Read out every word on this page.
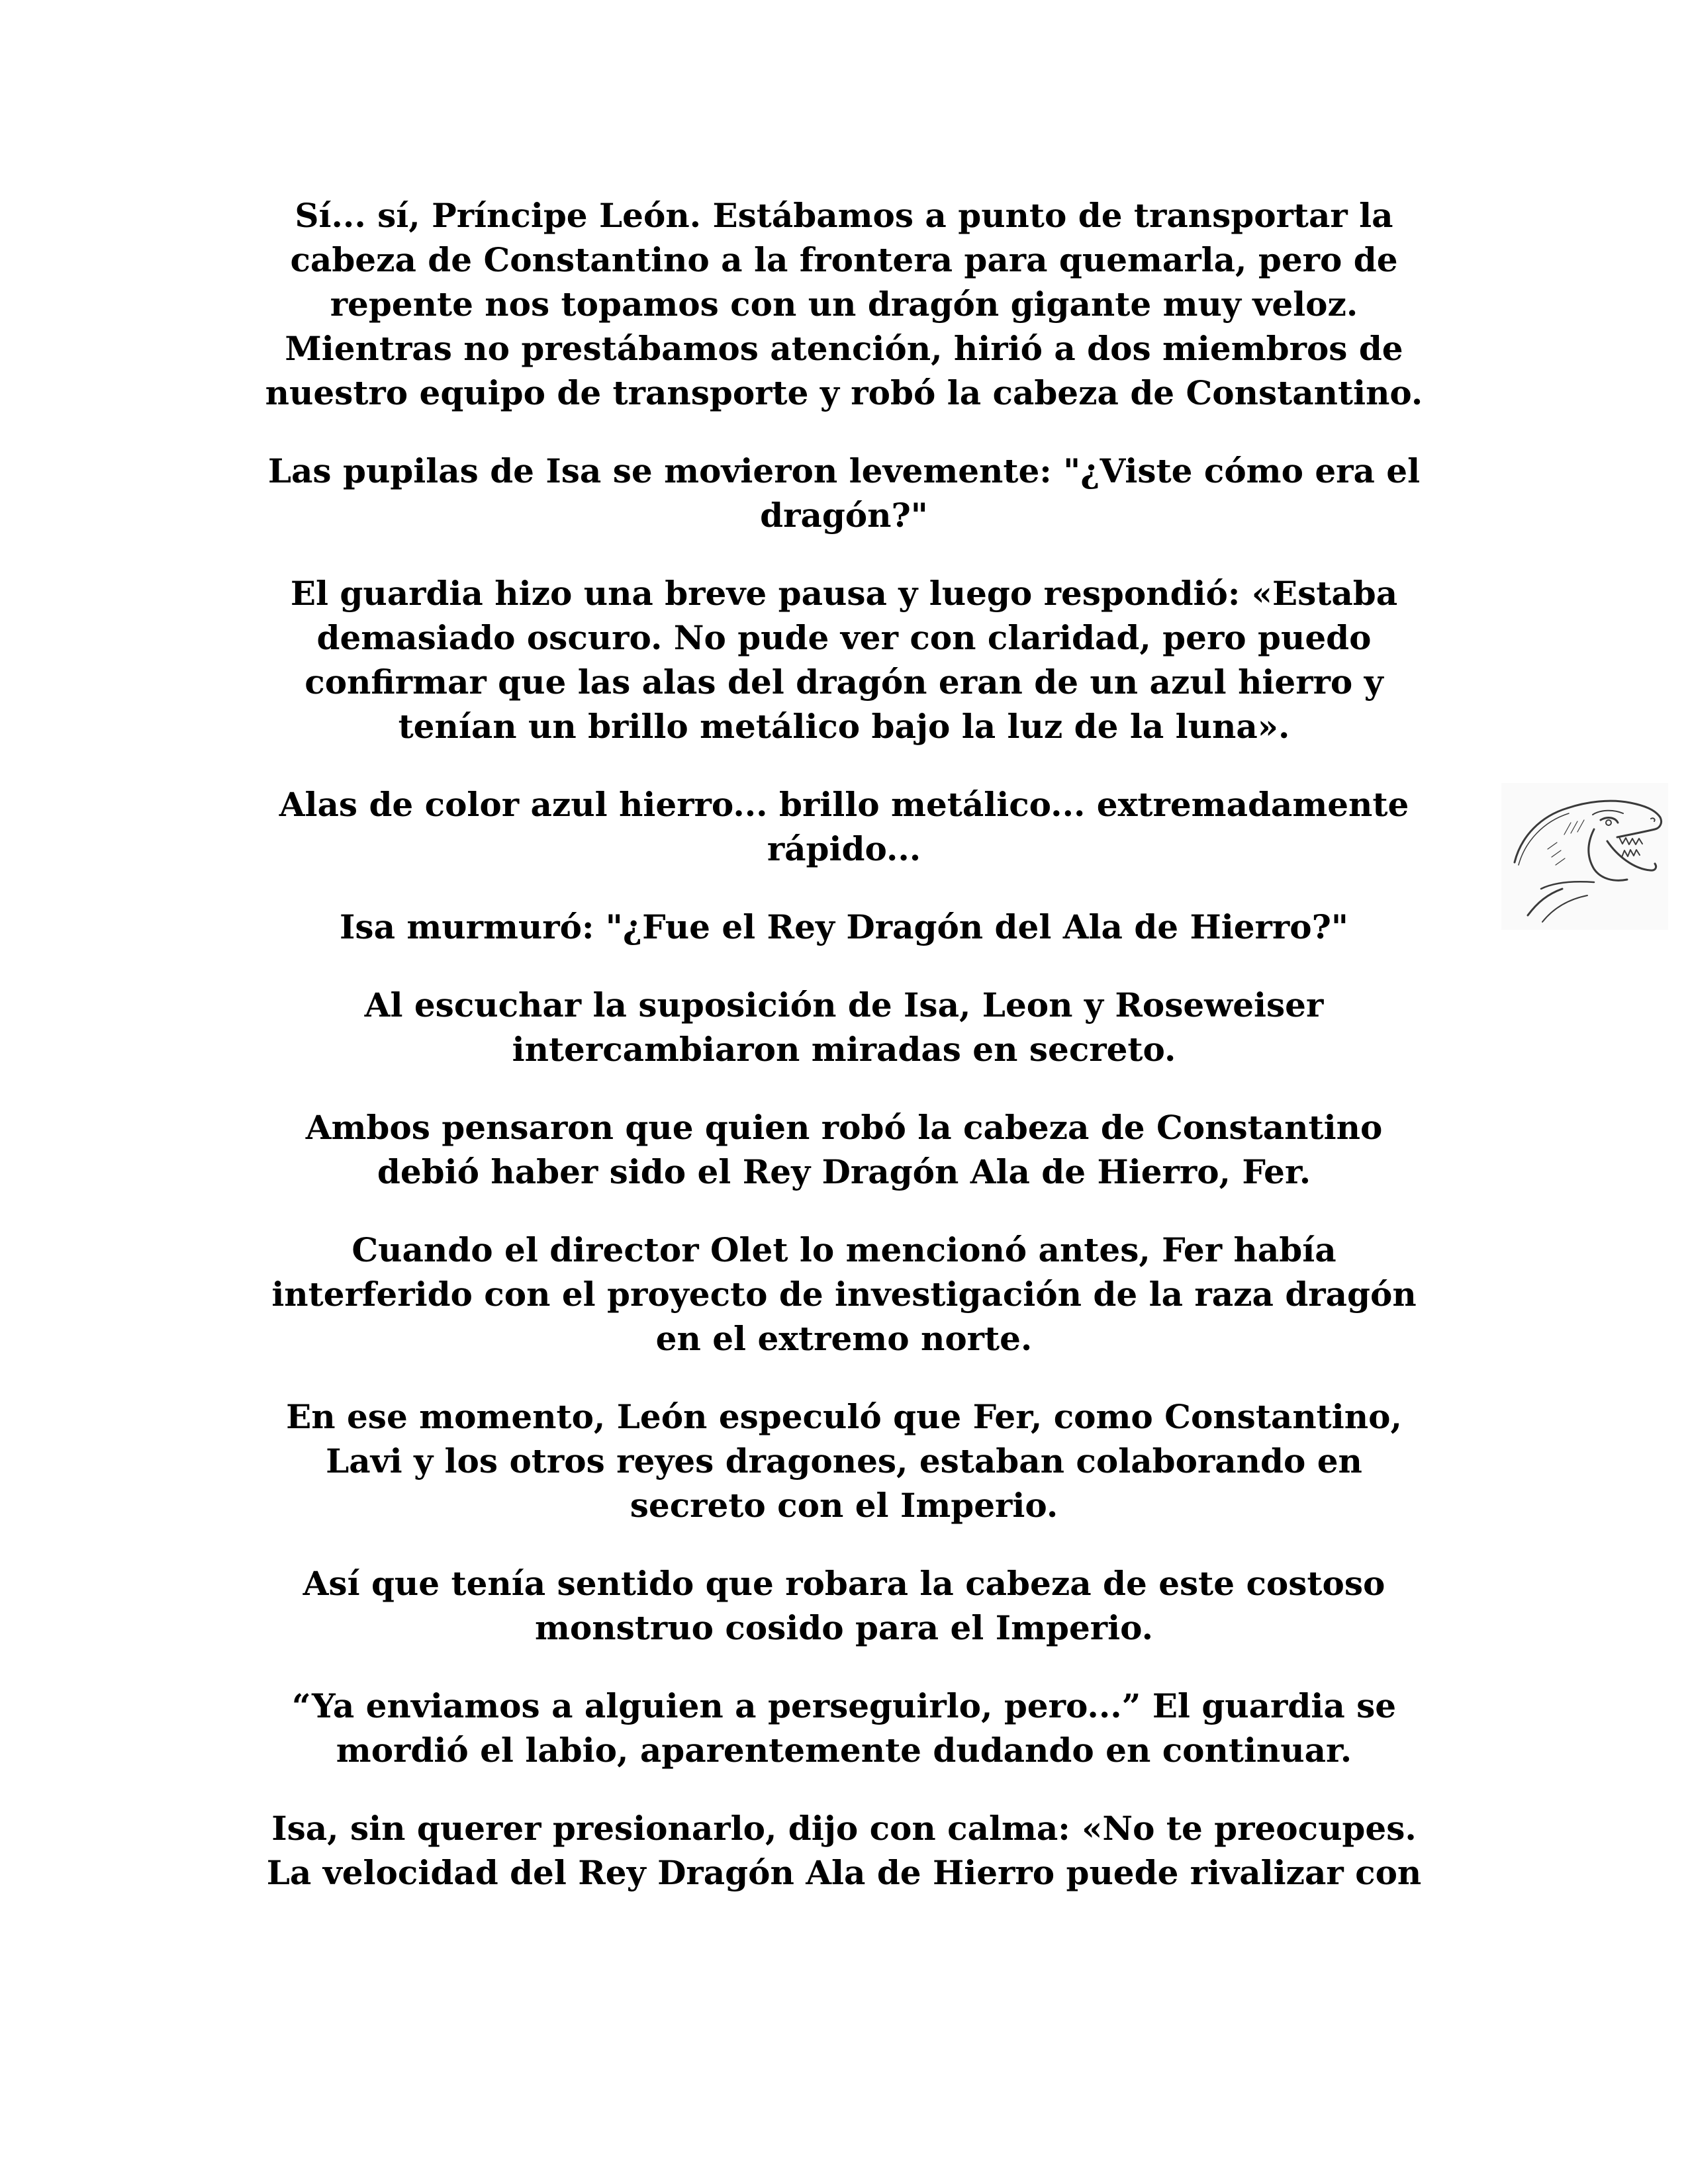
Sí... sí, Príncipe León. Estábamos a punto de transportar la
cabeza de Constantino a la frontera para quemarla, pero de
repente nos topamos con un dragón gigante muy veloz.
Mientras no prestábamos atención, hirió a dos miembros de
nuestro equipo de transporte y robó la cabeza de Constantino.

Las pupilas de Isa se movieron levemente: "¿Viste cómo era el
dragón?"

El guardia hizo una breve pausa y luego respondió: «Estaba
demasiado oscuro. No pude ver con claridad, pero puedo
confirmar que las alas del dragón eran de un azul hierro y
tenían un brillo metálico bajo la luz de la luna».

Alas de color azul hierro... brillo metálico... extremadamente
rápido...

Isa murmuró: "¿Fue el Rey Dragón del Ala de Hierro?"

Al escuchar la suposición de Isa, Leon y Roseweiser
intercambiaron miradas en secreto.

Ambos pensaron que quien robó la cabeza de Constantino
debió haber sido el Rey Dragón Ala de Hierro, Fer.

Cuando el director Olet lo mencionó antes, Fer había
interferido con el proyecto de investigación de la raza dragón
en el extremo norte.

En ese momento, León especuló que Fer, como Constantino,
Lavi y los otros reyes dragones, estaban colaborando en
secreto con el Imperio.

Así que tenía sentido que robara la cabeza de este costoso
monstruo cosido para el Imperio.

“Ya enviamos a alguien a perseguirlo, pero...” El guardia se
mordió el labio, aparentemente dudando en continuar.

Isa, sin querer presionarlo, dijo con calma: «No te preocupes.
La velocidad del Rey Dragón Ala de Hierro puede rivalizar con
